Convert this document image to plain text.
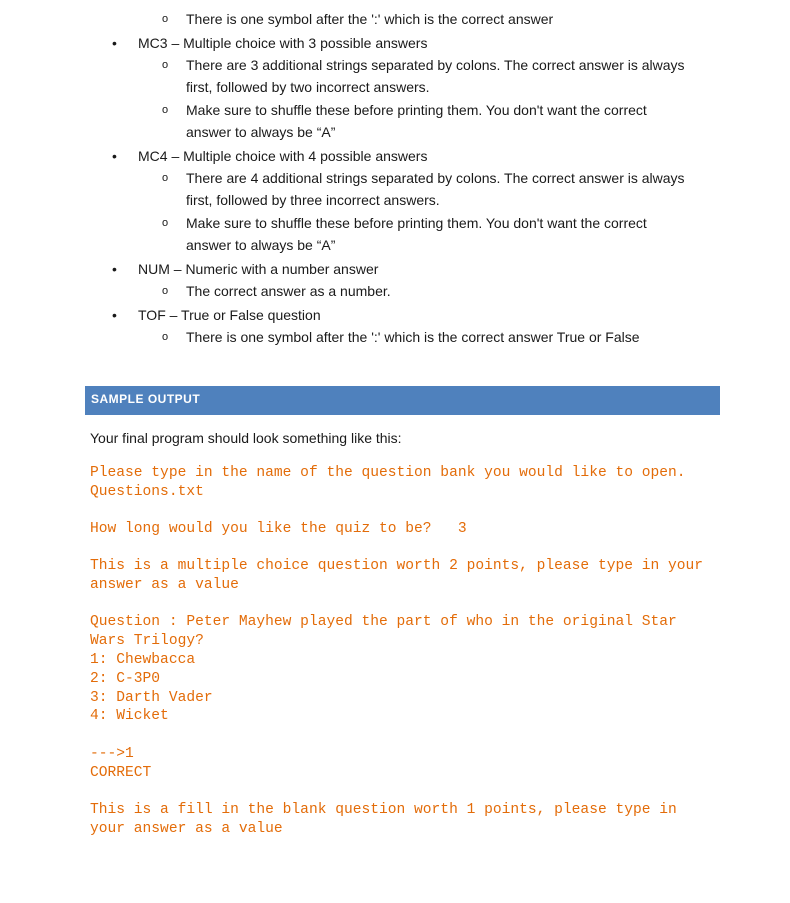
o There is one symbol after the ':' which is the correct answer
• MC3 – Multiple choice with 3 possible answers
o There are 3 additional strings separated by colons. The correct answer is always
first, followed by two incorrect answers.
o Make sure to shuffle these before printing them. You don't want the correct
answer to always be “A”
• MC4 – Multiple choice with 4 possible answers
o There are 4 additional strings separated by colons. The correct answer is always
first, followed by three incorrect answers.
o Make sure to shuffle these before printing them. You don't want the correct
answer to always be “A”
• NUM – Numeric with a number answer
o The correct answer as a number.
• TOF – True or False question
o There is one symbol after the ':' which is the correct answer True or False
SAMPLE OUTPUT
Your final program should look something like this:
Please type in the name of the question bank you would like to open.
Questions.txt
How long would you like the quiz to be?   3
This is a multiple choice question worth 2 points, please type in your
answer as a value
Question : Peter Mayhew played the part of who in the original Star
Wars Trilogy?
1: Chewbacca
2: C-3P0
3: Darth Vader
4: Wicket
--->1
CORRECT
This is a fill in the blank question worth 1 points, please type in
your answer as a value
